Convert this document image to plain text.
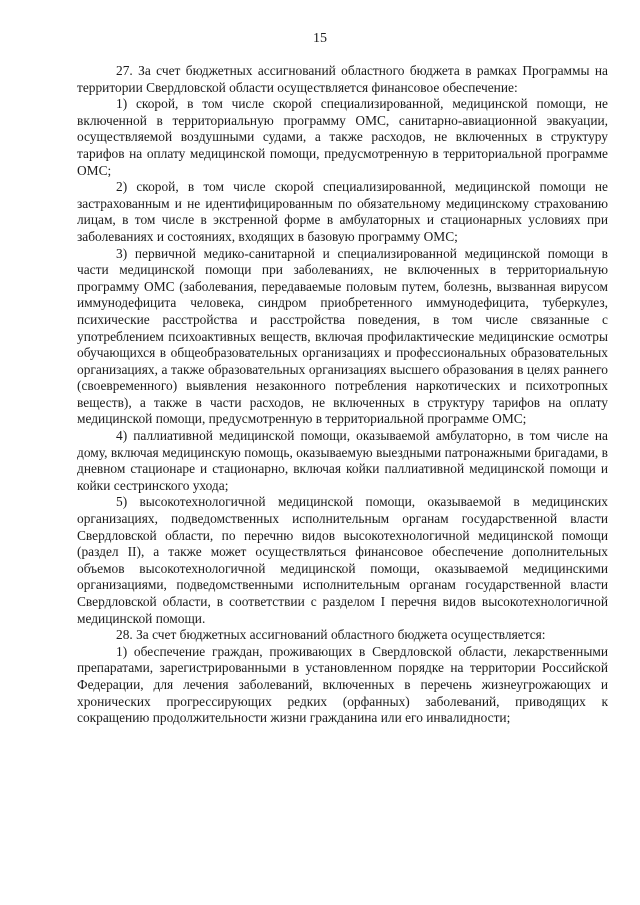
15

27. За счет бюджетных ассигнований областного бюджета в рамках Программы на территории Свердловской области осуществляется финансовое обеспечение:

1) скорой, в том числе скорой специализированной, медицинской помощи, не включенной в территориальную программу ОМС, санитарно-авиационной эвакуации, осуществляемой воздушными судами, а также расходов, не включенных в структуру тарифов на оплату медицинской помощи, предусмотренную в территориальной программе ОМС;

2) скорой, в том числе скорой специализированной, медицинской помощи не застрахованным и не идентифицированным по обязательному медицинскому страхованию лицам, в том числе в экстренной форме в амбулаторных и стационарных условиях при заболеваниях и состояниях, входящих в базовую программу ОМС;

3) первичной медико-санитарной и специализированной медицинской помощи в части медицинской помощи при заболеваниях, не включенных в территориальную программу ОМС (заболевания, передаваемые половым путем, болезнь, вызванная вирусом иммунодефицита человека, синдром приобретенного иммунодефицита, туберкулез, психические расстройства и расстройства поведения, в том числе связанные с употреблением психоактивных веществ, включая профилактические медицинские осмотры обучающихся в общеобразовательных организациях и профессиональных образовательных организациях, а также образовательных организациях высшего образования в целях раннего (своевременного) выявления незаконного потребления наркотических и психотропных веществ), а также в части расходов, не включенных в структуру тарифов на оплату медицинской помощи, предусмотренную в территориальной программе ОМС;

4) паллиативной медицинской помощи, оказываемой амбулаторно, в том числе на дому, включая медицинскую помощь, оказываемую выездными патронажными бригадами, в дневном стационаре и стационарно, включая койки паллиативной медицинской помощи и койки сестринского ухода;

5) высокотехнологичной медицинской помощи, оказываемой в медицинских организациях, подведомственных исполнительным органам государственной власти Свердловской области, по перечню видов высокотехнологичной медицинской помощи (раздел II), а также может осуществляться финансовое обеспечение дополнительных объемов высокотехнологичной медицинской помощи, оказываемой медицинскими организациями, подведомственными исполнительным органам государственной власти Свердловской области, в соответствии с разделом I перечня видов высокотехнологичной медицинской помощи.

28. За счет бюджетных ассигнований областного бюджета осуществляется:

1) обеспечение граждан, проживающих в Свердловской области, лекарственными препаратами, зарегистрированными в установленном порядке на территории Российской Федерации, для лечения заболеваний, включенных в перечень жизнеугрожающих и хронических прогрессирующих редких (орфанных) заболеваний, приводящих к сокращению продолжительности жизни гражданина или его инвалидности;
